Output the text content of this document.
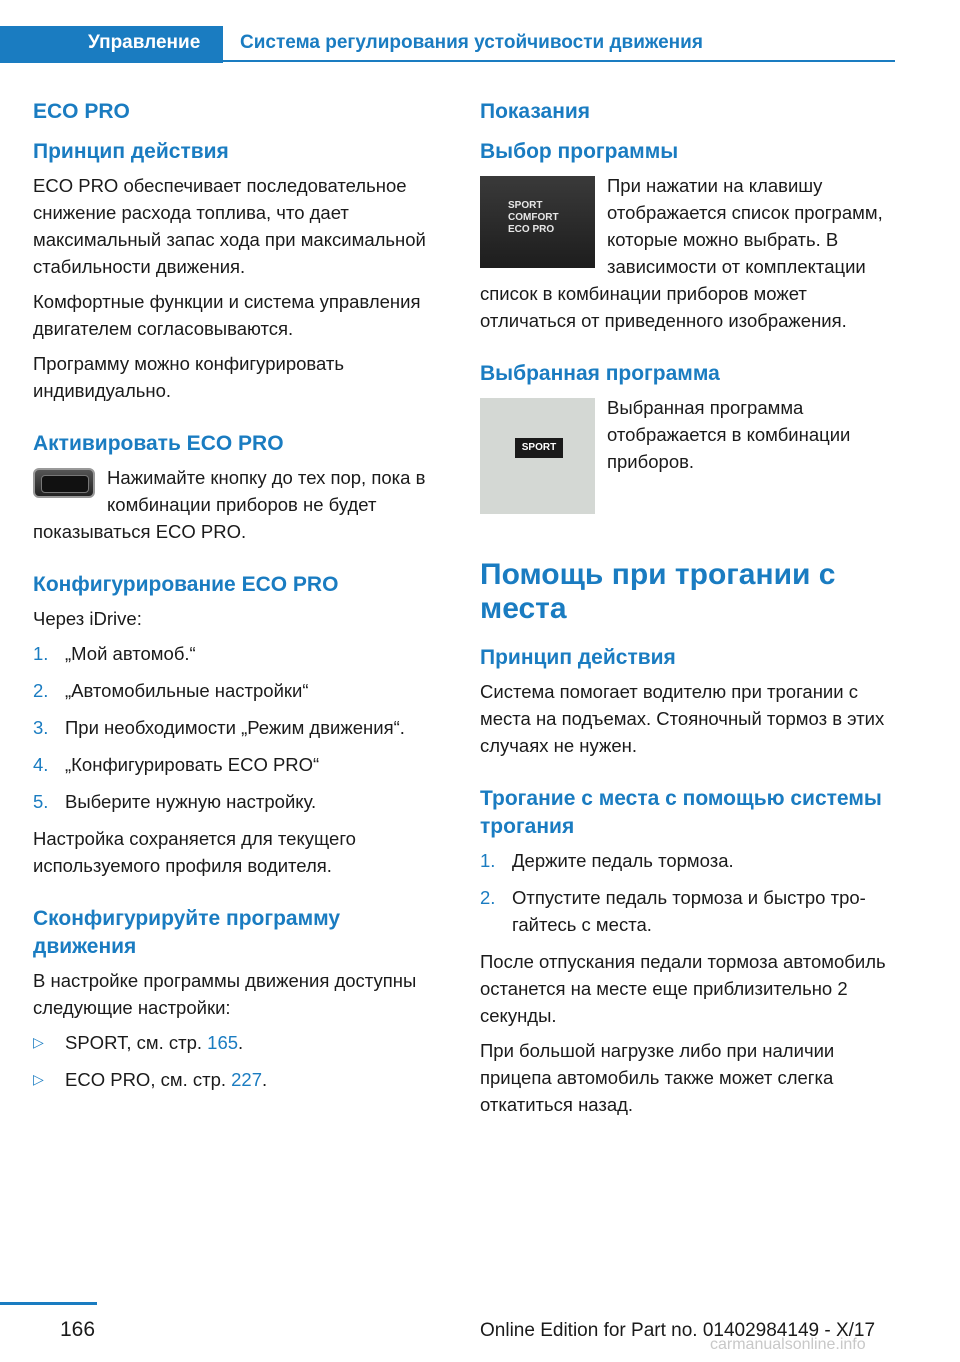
Управление	Система регулирования устойчивости движения
ECO PRO
Принцип действия

ECO PRO обеспечивает последовательное снижение расхода топлива, что дает максимальный запас хода при максимальной стабильности движения.

Комфортные функции и система управления двигателем согласовываются.

Программу можно конфигурировать индивидуально.

Активировать ECO PRO

Нажимайте кнопку до тех пор, пока в комбинации приборов не будет показываться ECO PRO.

Конфигурирование ECO PRO

Через iDrive:

1. „Мой автомоб.“
2. „Автомобильные настройки“
3. При необходимости „Режим движения“.
4. „Конфигурировать ECO PRO“
5. Выберите нужную настройку.

Настройка сохраняется для текущего используемого профиля водителя.

Сконфигурируйте программу движения

В настройке программы движения доступны следующие настройки:

▷ SPORT, см. стр. 165.
▷ ECO PRO, см. стр. 227.
Показания
Выбор программы
SPORT
COMFORT
ECO PRO

При нажатии на клавишу отображается список программ, которые можно выбрать. В зависимости от комплектации список в комбинации приборов может отличаться от приведенного изображения.

Выбранная программа
SPORT

Выбранная программа отображается в комбинации приборов.

Помощь при трогании с места
Принцип действия

Система помогает водителю при трогании с места на подъемах. Стояночный тормоз в этих случаях не нужен.

Трогание с места с помощью системы трогания
1. Держите педаль тормоза.
2. Отпустите педаль тормоза и быстро трогайтесь с места.

После отпускания педали тормоза автомобиль останется на месте еще приблизительно 2 секунды.

При большой нагрузке либо при наличии прицепа автомобиль также может слегка откатиться назад.

166	Online Edition for Part no. 01402984149 - X/17
carmanualsonline.info
